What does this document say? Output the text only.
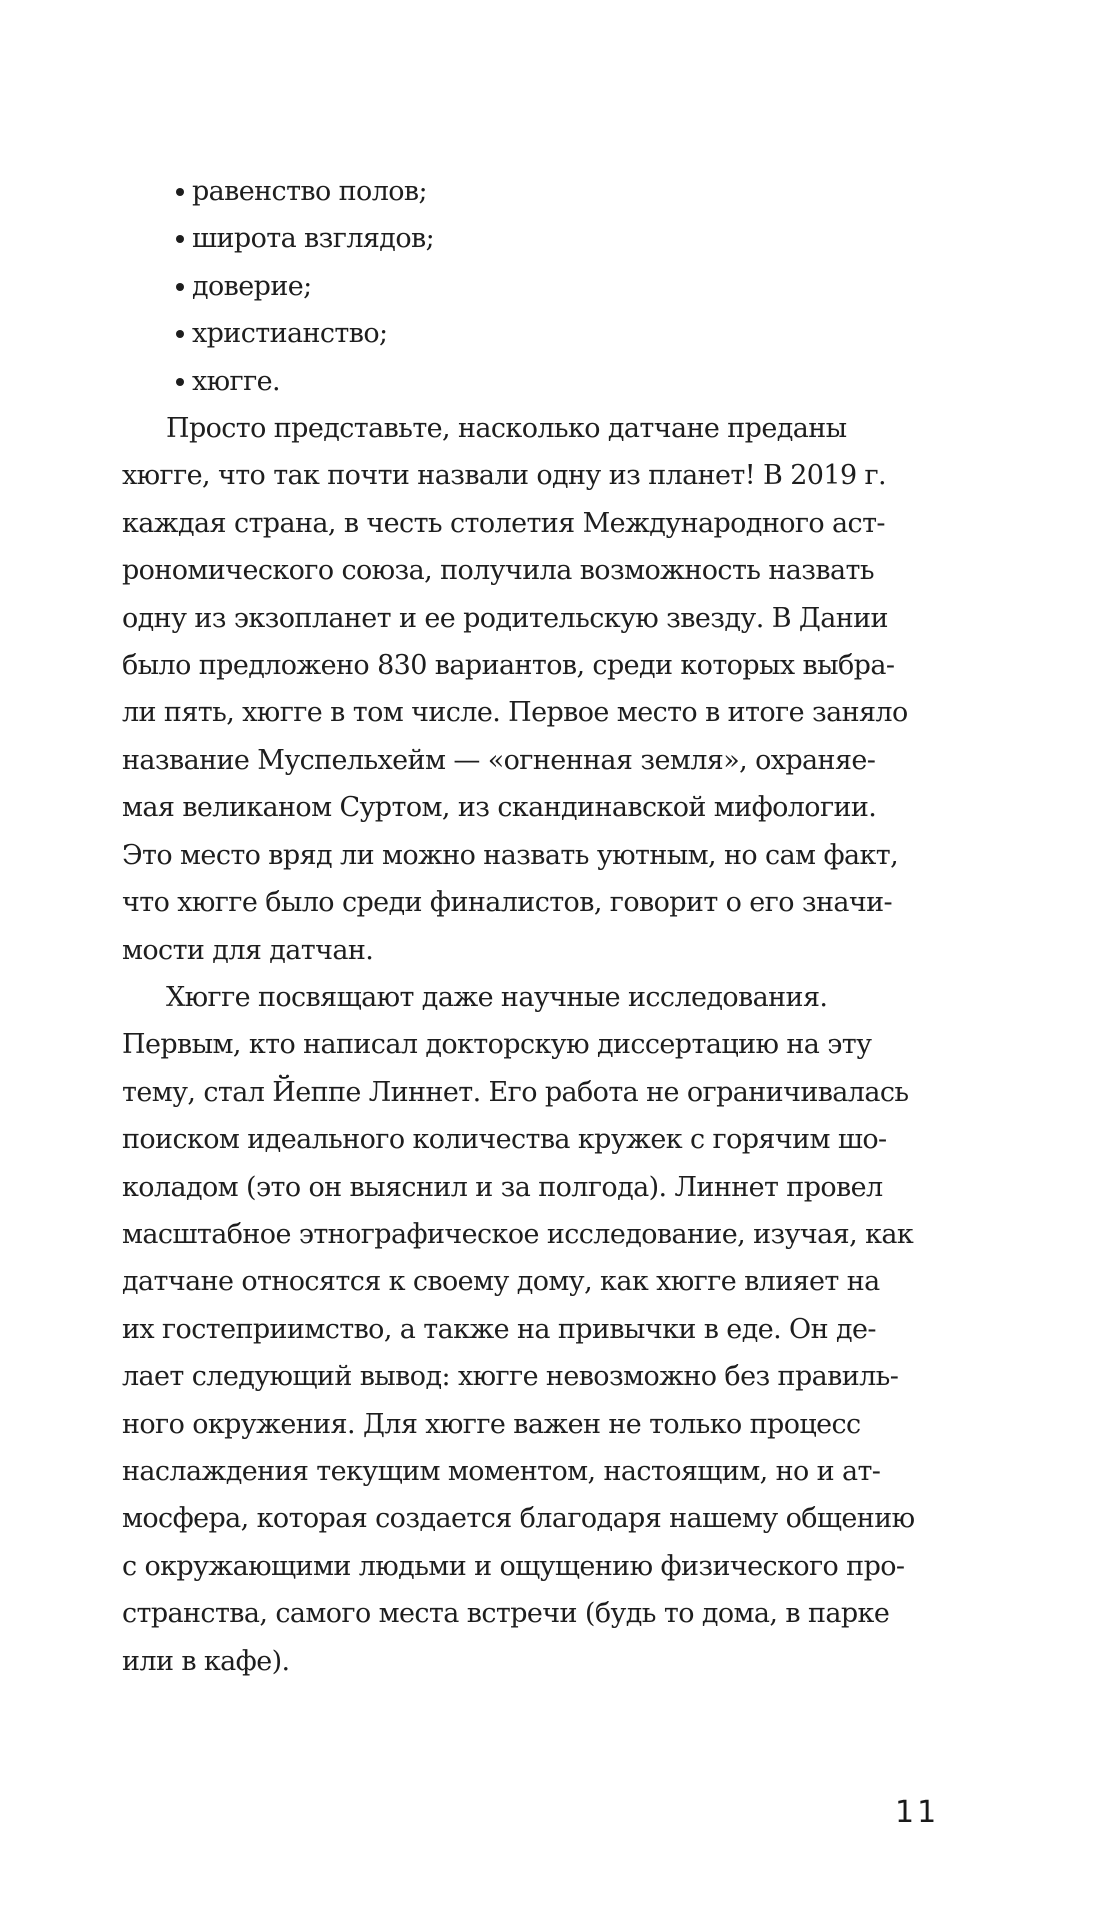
равенство полов;
широта взглядов;
доверие;
христианство;
хюгге.

Просто представьте, насколько датчане преданы
хюгге, что так почти назвали одну из планет! В 2019 г.
каждая страна, в честь столетия Международного аст-
рономического союза, получила возможность назвать
одну из экзопланет и ее родительскую звезду. В Дании
было предложено 830 вариантов, среди которых выбра-
ли пять, хюгге в том числе. Первое место в итоге заняло
название Муспельхейм — «огненная земля», охраняе-
мая великаном Суртом, из скандинавской мифологии.
Это место вряд ли можно назвать уютным, но сам факт,
что хюгге было среди финалистов, говорит о его значи-
мости для датчан.

Хюгге посвящают даже научные исследования.
Первым, кто написал докторскую диссертацию на эту
тему, стал Йеппе Линнет. Его работа не ограничивалась
поиском идеального количества кружек с горячим шо-
коладом (это он выяснил и за полгода). Линнет провел
масштабное этнографическое исследование, изучая, как
датчане относятся к своему дому, как хюгге влияет на
их гостеприимство, а также на привычки в еде. Он де-
лает следующий вывод: хюгге невозможно без правиль-
ного окружения. Для хюгге важен не только процесс
наслаждения текущим моментом, настоящим, но и ат-
мосфера, которая создается благодаря нашему общению
с окружающими людьми и ощущению физического про-
странства, самого места встречи (будь то дома, в парке
или в кафе).

11
